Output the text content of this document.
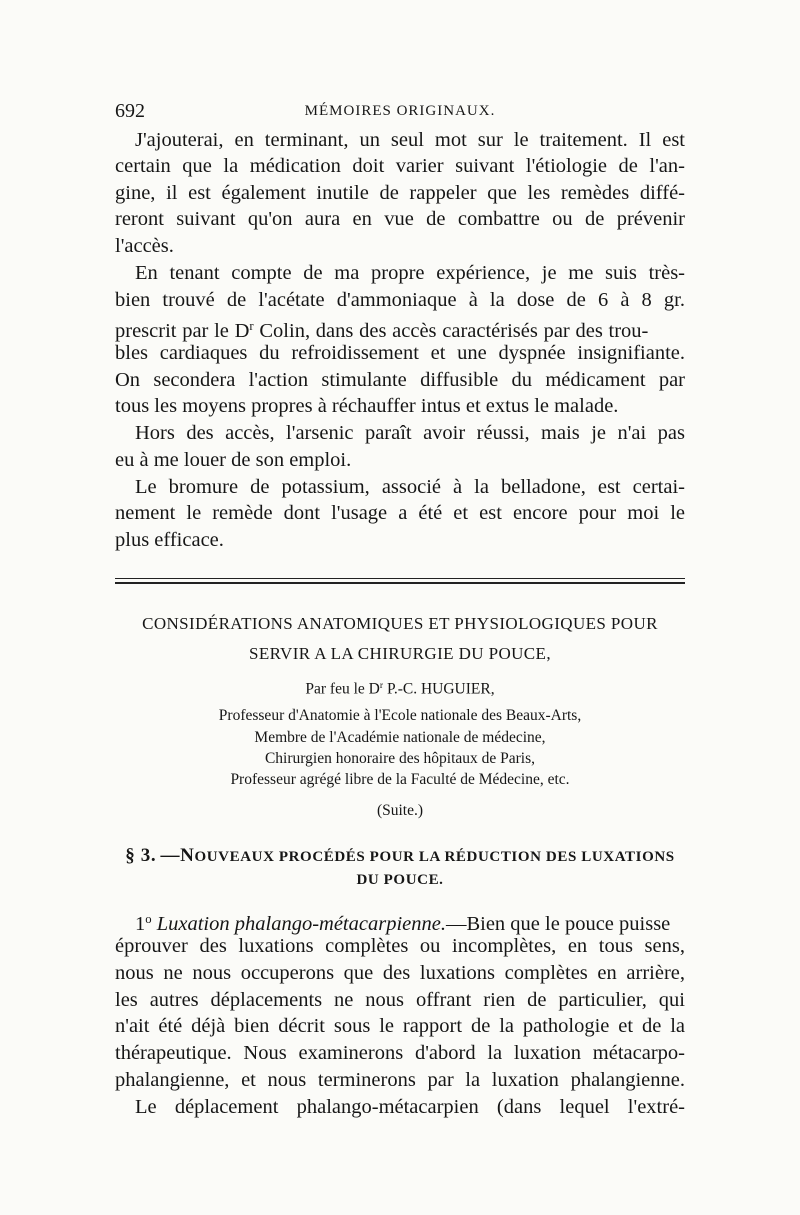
692	MÉMOIRES ORIGINAUX.
J'ajouterai, en terminant, un seul mot sur le traitement. Il est
certain que la médication doit varier suivant l'étiologie de l'an-
gine, il est également inutile de rappeler que les remèdes diffé-
reront suivant qu'on aura en vue de combattre ou de prévenir
l'accès.
En tenant compte de ma propre expérience, je me suis très-
bien trouvé de l'acétate d'ammoniaque à la dose de 6 à 8 gr.
prescrit par le $D^r$ Colin, dans des accès caractérisés par des trou-
bles cardiaques du refroidissement et une dyspnée insignifiante.
On secondera l'action stimulante diffusible du médicament par
tous les moyens propres à réchauffer intus et extus le malade.
Hors des accès, l'arsenic paraît avoir réussi, mais je n'ai pas
eu à me louer de son emploi.
Le bromure de potassium, associé à la belladone, est certai-
nement le remède dont l'usage a été et est encore pour moi le
plus efficace.
CONSIDÉRATIONS ANATOMIQUES ET PHYSIOLOGIQUES POUR
SERVIR A LA CHIRURGIE DU POUCE,
Par feu le $D^r$ P.-C. HUGUIER,
Professeur d'Anatomie à l'Ecole nationale des Beaux-Arts,
Membre de l'Académie nationale de médecine,
Chirurgien honoraire des hôpitaux de Paris,
Professeur agrégé libre de la Faculté de Médecine, etc.
(Suite.)
§ 3. —NOUVEAUX PROCÉDÉS POUR LA RÉDUCTION DES LUXATIONS
DU POUCE.
1$^o$ Luxation phalango-métacarpienne.—Bien que le pouce puisse
éprouver des luxations complètes ou incomplètes, en tous sens,
nous ne nous occuperons que des luxations complètes en arrière,
les autres déplacements ne nous offrant rien de particulier, qui
n'ait été déjà bien décrit sous le rapport de la pathologie et de la
thérapeutique. Nous examinerons d'abord la luxation métacarpo-
phalangienne, et nous terminerons par la luxation phalangienne.
Le déplacement phalango-métacarpien (dans lequel l'extré-
